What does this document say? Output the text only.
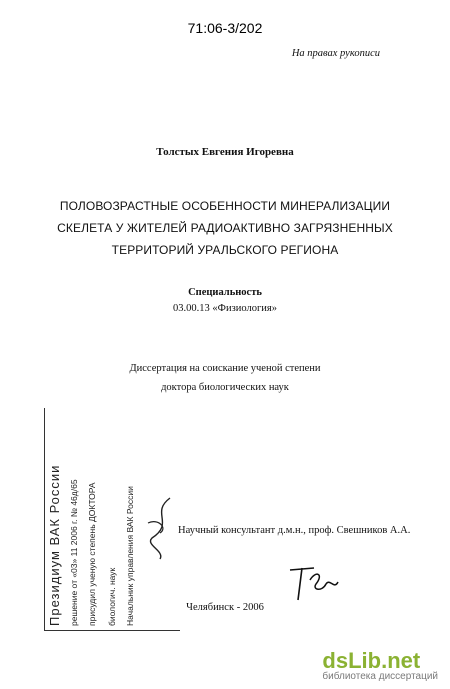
71:06-3/202
На правах рукописи
Толстых Евгения Игоревна
ПОЛОВОЗРАСТНЫЕ ОСОБЕННОСТИ МИНЕРАЛИЗАЦИИ
СКЕЛЕТА У ЖИТЕЛЕЙ РАДИОАКТИВНО ЗАГРЯЗНЕННЫХ
ТЕРРИТОРИЙ УРАЛЬСКОГО РЕГИОНА
Специальность
03.00.13 «Физиология»
Диссертация на соискание ученой степени
доктора биологических наук
Научный консультант д.м.н., проф. Свешников А.А.
Президиум ВАК России решение от «03» 11 2006 г. № 46д/65 присудил ученую степень ДОКТОРА биологич. наук Начальник управления ВАК России	Челябинск - 2006
dsLib.net
библиотека диссертаций
